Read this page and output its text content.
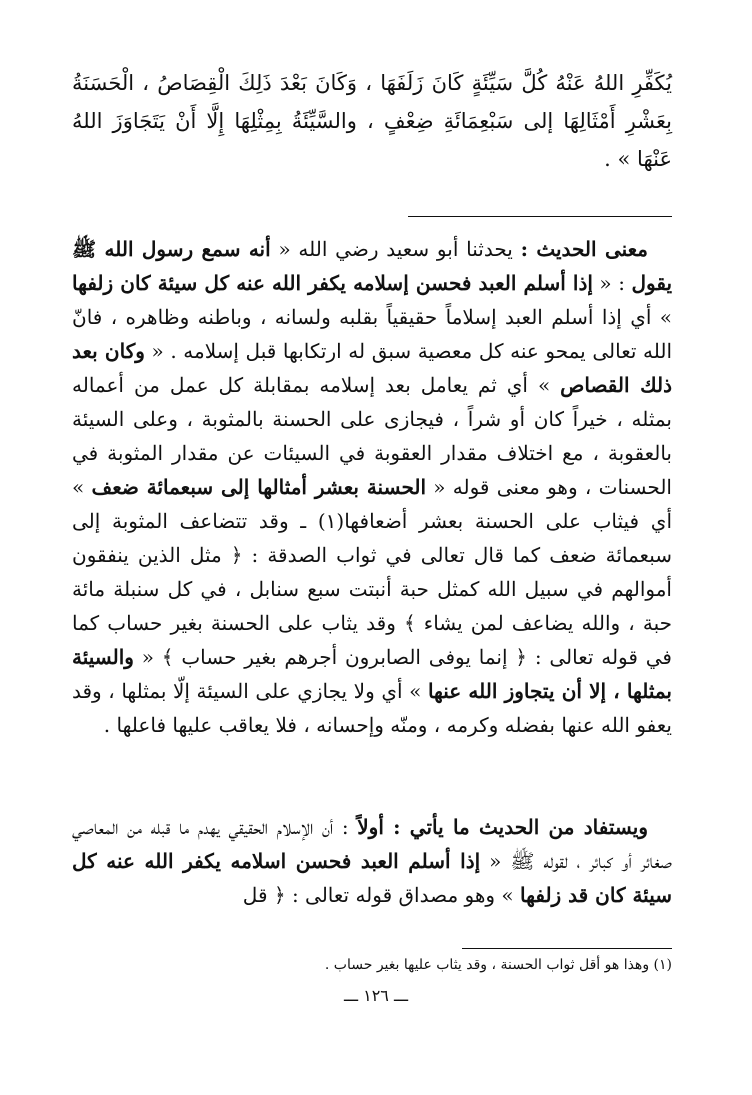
يُكَفِّرِ اللهُ عَنْهُ كُلَّ سَيِّئَةٍ كَانَ زَلَفَهَا ، وَكَانَ بَعْدَ ذَلِكَ الْقِصَاصُ ، الْحَسَنَةُ بِعَشْرِ أَمْثَالِهَا إلى سَبْعِمَائَةِ ضِعْفٍ ، والسَّيِّئَةُ بِمِثْلِهَا إِلَّا أَنْ يَتَجَاوَزَ اللهُ عَنْهَا » .

معنى الحديث : يحدثنا أبو سعيد رضي الله « أنه سمع رسول الله ﷺ يقول : « إذا أسلم العبد فحسن إسلامه يكفر الله عنه كل سيئة كان زلفها » أي إذا أسلم العبد إسلاماً حقيقياً بقلبه ولسانه ، وباطنه وظاهره ، فانّ الله تعالى يمحو عنه كل معصية سبق له ارتكابها قبل إسلامه . « وكان بعد ذلك القصاص » أي ثم يعامل بعد إسلامه بمقابلة كل عمل من أعماله بمثله ، خيراً كان أو شراً ، فيجازى على الحسنة بالمثوبة ، وعلى السيئة بالعقوبة ، مع اختلاف مقدار العقوبة في السيئات عن مقدار المثوبة في الحسنات ، وهو معنى قوله « الحسنة بعشر أمثالها إلى سبعمائة ضعف » أي فيثاب على الحسنة بعشر أضعافها(١) ـ وقد تتضاعف المثوبة إلى سبعمائة ضعف كما قال تعالى في ثواب الصدقة : ﴿ مثل الذين ينفقون أموالهم في سبيل الله كمثل حبة أنبتت سبع سنابل ، في كل سنبلة مائة حبة ، والله يضاعف لمن يشاء ﴾ وقد يثاب على الحسنة بغير حساب كما في قوله تعالى : ﴿ إنما يوفى الصابرون أجرهم بغير حساب ﴾ « والسيئة بمثلها ، إلا أن يتجاوز الله عنها » أي ولا يجازي على السيئة إلّا بمثلها ، وقد يعفو الله عنها بفضله وكرمه ، ومنّه وإحسانه ، فلا يعاقب عليها فاعلها .

ويستفاد من الحديث ما يأتي : أولاً : أن الإسلام الحقيقي يهدم ما قبله من المعاصي صغائر أو كبائر ، لقوله ﷺ « إذا أسلم العبد فحسن اسلامه يكفر الله عنه كل سيئة كان قد زلفها » وهو مصداق قوله تعالى : ﴿ قل

(١) وهذا هو أقل ثواب الحسنة ، وقد يثاب عليها بغير حساب .

ـــ ١٢٦ ـــ
